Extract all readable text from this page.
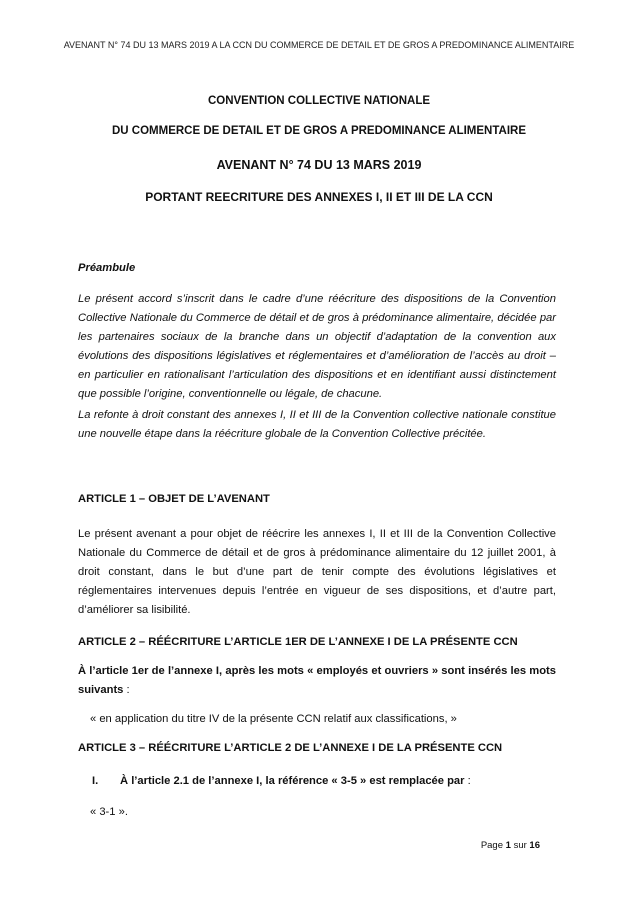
AVENANT N° 74 DU 13 MARS 2019 A LA CCN DU COMMERCE DE DETAIL ET DE GROS A PREDOMINANCE ALIMENTAIRE
CONVENTION COLLECTIVE NATIONALE
DU COMMERCE DE DETAIL ET DE GROS A PREDOMINANCE ALIMENTAIRE
AVENANT N° 74 DU 13 MARS 2019
PORTANT REECRITURE DES ANNEXES I, II ET III DE LA CCN
Préambule
Le présent accord s’inscrit dans le cadre d’une réécriture des dispositions de la Convention Collective Nationale du Commerce de détail et de gros à prédominance alimentaire, décidée par les partenaires sociaux de la branche dans un objectif d’adaptation de la convention aux évolutions des dispositions législatives et réglementaires et d’amélioration de l’accès au droit – en particulier en rationalisant l’articulation des dispositions et en identifiant aussi distinctement que possible l’origine, conventionnelle ou légale, de chacune.
La refonte à droit constant des annexes I, II et III de la Convention collective nationale constitue une nouvelle étape dans la réécriture globale de la Convention Collective précitée.
ARTICLE 1 – OBJET DE L’AVENANT
Le présent avenant a pour objet de réécrire les annexes I, II et III de la Convention Collective Nationale du Commerce de détail et de gros à prédominance alimentaire du 12 juillet 2001, à droit constant, dans le but d’une part de tenir compte des évolutions législatives et réglementaires intervenues depuis l’entrée en vigueur de ses dispositions, et d’autre part, d’améliorer sa lisibilité.
ARTICLE 2 – RÉÉCRITURE L’ARTICLE 1ER DE L’ANNEXE I DE LA PRÉSENTE CCN
À l’article 1er de l’annexe I, après les mots « employés et ouvriers » sont insérés les mots suivants :
« en application du titre IV de la présente CCN relatif aux classifications, »
ARTICLE 3 – RÉÉCRITURE L’ARTICLE 2 DE L’ANNEXE I DE LA PRÉSENTE CCN
I. À l’article 2.1 de l’annexe I, la référence « 3-5 » est remplacée par :
« 3-1 ».
Page 1 sur 16
